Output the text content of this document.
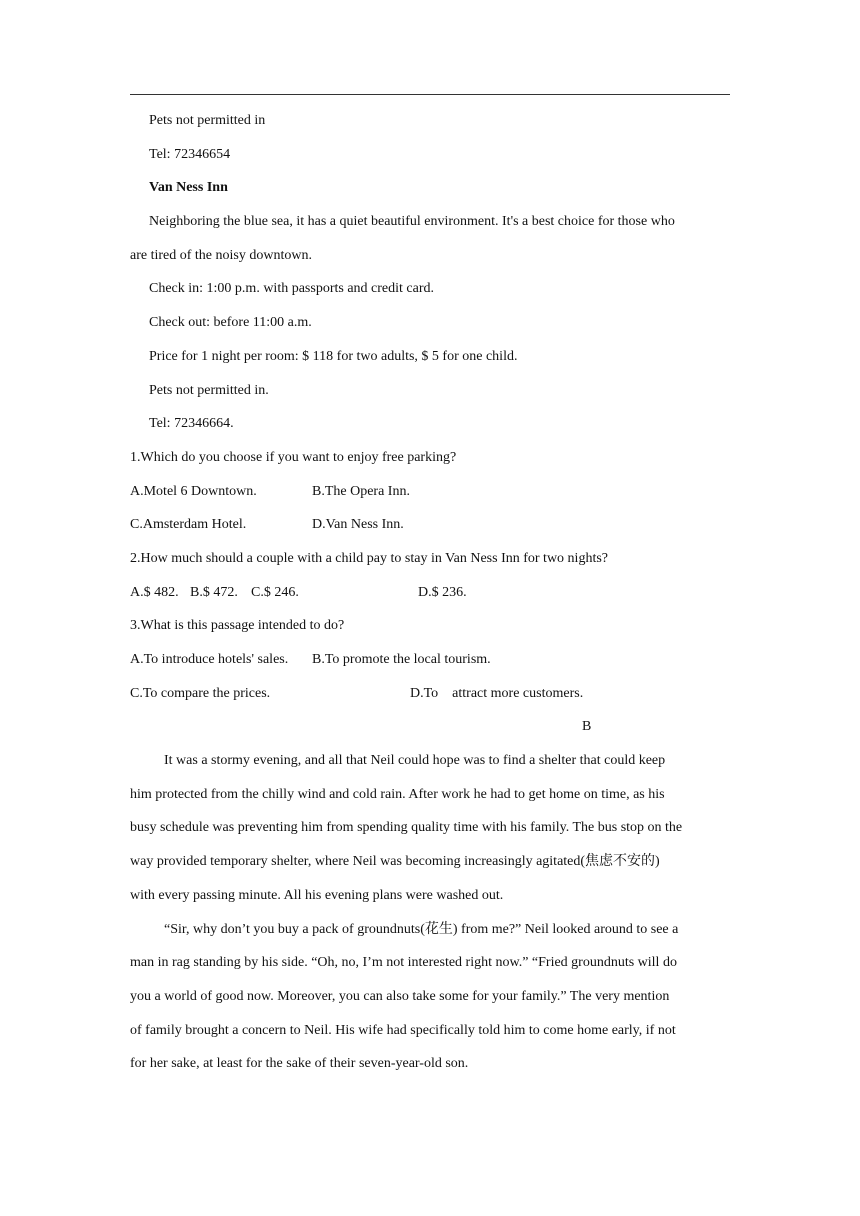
Pets not permitted in
Tel: 72346654
Van Ness Inn
Neighboring the blue sea, it has a quiet beautiful environment. It's a best choice for those who
are tired of the noisy downtown.
Check in: 1:00 p.m. with passports and credit card.
Check out: before 11:00 a.m.
Price for 1 night per room: $ 118 for two adults, $ 5 for one child.
Pets not permitted in.
Tel: 72346664.
1.Which do you choose if you want to enjoy free parking?
A.Motel 6 Downtown.	B.The Opera Inn.
C.Amsterdam Hotel.	D.Van Ness Inn.
2.How much should a couple with a child pay to stay in Van Ness Inn for two nights?
A.$ 482. B.$ 472. C.$ 246.	D.$ 236.
3.What is this passage intended to do?
A.To introduce hotels' sales. B.To promote the local tourism.
C.To compare the prices.	D.To    attract more customers.
B
It was a stormy evening, and all that Neil could hope was to find a shelter that could keep
him protected from the chilly wind and cold rain. After work he had to get home on time, as his
busy schedule was preventing him from spending quality time with his family. The bus stop on the
way provided temporary shelter, where Neil was becoming increasingly agitated(焦虑不安的)
with every passing minute. All his evening plans were washed out.
“Sir, why don’t you buy a pack of groundnuts(花生) from me?” Neil looked around to see a
man in rag standing by his side. “Oh, no, I’m not interested right now.” “Fried groundnuts will do
you a world of good now. Moreover, you can also take some for your family.” The very mention
of family brought a concern to Neil. His wife had specifically told him to come home early, if not
for her sake, at least for the sake of their seven-year-old son.
